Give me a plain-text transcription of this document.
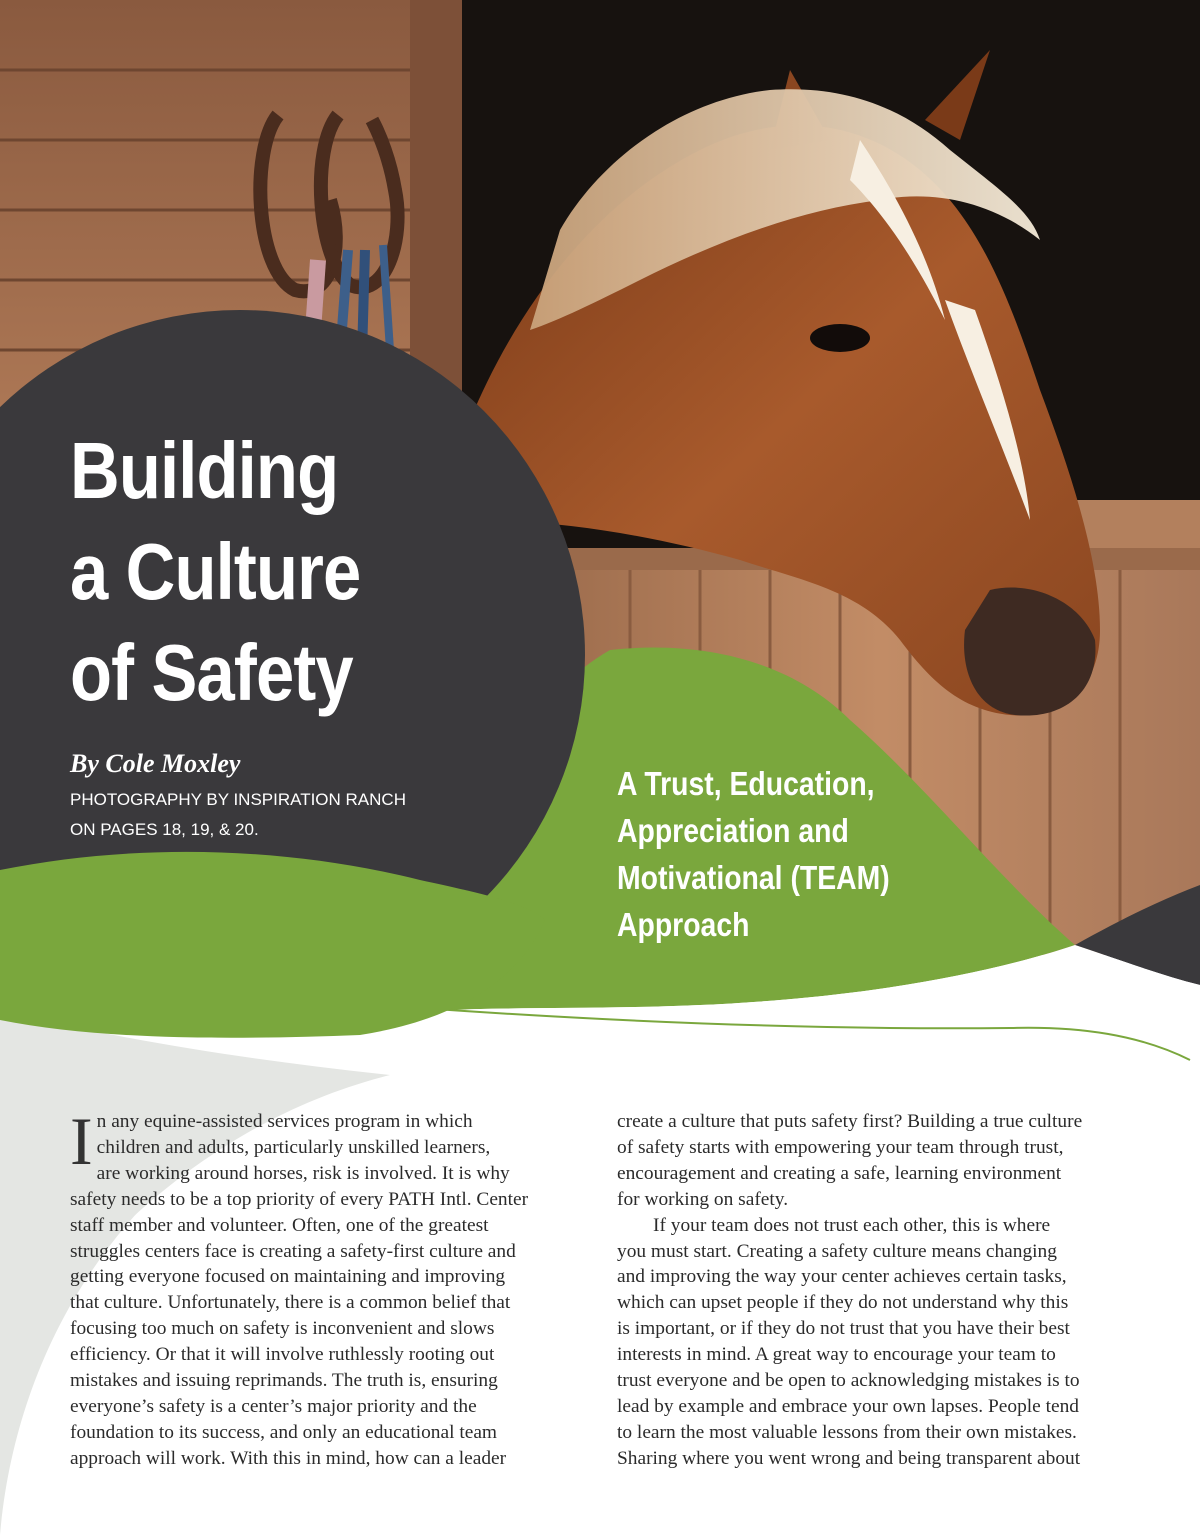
Building
a Culture
of Safety
By Cole Moxley
PHOTOGRAPHY BY INSPIRATION RANCH
ON PAGES 18, 19, & 20.
A Trust, Education,
Appreciation and
Motivational (TEAM)
Approach

I n any equine-assisted services program in which
children and adults, particularly unskilled learners,
are working around horses, risk is involved. It is why
safety needs to be a top priority of every PATH Intl. Center
staff member and volunteer. Often, one of the greatest
struggles centers face is creating a safety-first culture and
getting everyone focused on maintaining and improving
that culture. Unfortunately, there is a common belief that
focusing too much on safety is inconvenient and slows
efficiency. Or that it will involve ruthlessly rooting out
mistakes and issuing reprimands. The truth is, ensuring
everyone’s safety is a center’s major priority and the
foundation to its success, and only an educational team
approach will work. With this in mind, how can a leader

create a culture that puts safety first? Building a true culture
of safety starts with empowering your team through trust,
encouragement and creating a safe, learning environment
for working on safety.

If your team does not trust each other, this is where
you must start. Creating a safety culture means changing
and improving the way your center achieves certain tasks,
which can upset people if they do not understand why this
is important, or if they do not trust that you have their best
interests in mind. A great way to encourage your team to
trust everyone and be open to acknowledging mistakes is to
lead by example and embrace your own lapses. People tend
to learn the most valuable lessons from their own mistakes.
Sharing where you went wrong and being transparent about
